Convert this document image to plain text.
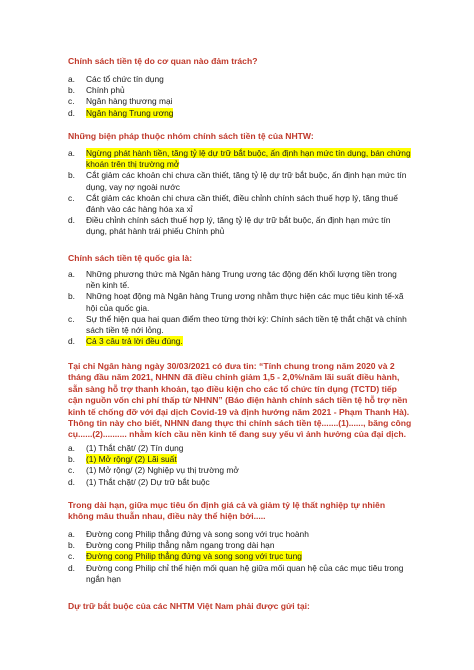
Chính sách tiền tệ do cơ quan nào đảm trách?
a.	Các tổ chức tín dụng
b.	Chính phủ
c.	Ngân hàng thương mại
d.	Ngân hàng Trung ương
Những biện pháp thuộc nhóm chính sách tiền tệ của NHTW:
a.	Ngừng phát hành tiền, tăng tỷ lệ dự trữ bắt buộc, ấn định hạn mức tín dụng, bán chứng khoán trên thị trường mở
b.	Cắt giảm các khoản chi chưa cần thiết, tăng tỷ lệ dự trữ bắt buộc, ấn định hạn mức tín dụng, vay nợ ngoài nước
c.	Cắt giảm các khoản chi chưa cần thiết, điều chỉnh chính sách thuế hợp lý, tăng thuế đánh vào các hàng hóa xa xỉ
d.	Điều chỉnh chính sách thuế hợp lý, tăng tỷ lệ dự trữ bắt buộc, ấn định hạn mức tín dụng, phát hành trái phiếu Chính phủ
Chính sách tiền tệ quốc gia là:
a.	Những phương thức mà Ngân hàng Trung ương tác động đến khối lượng tiền trong nền kinh tế.
b.	Những hoạt động mà Ngân hàng Trung ương nhằm thực hiện các mục tiêu kinh tế-xã hội của quốc gia.
c.	Sự thể hiện qua hai quan điểm theo từng thời kỳ: Chính sách tiền tệ thắt chặt và chính sách tiền tệ nới lỏng.
d.	Cả 3 câu trả lời đều đúng.
Tại chỉ Ngân hàng ngày 30/03/2021 có đưa tin: “Tính chung trong năm 2020 và 2 tháng đầu năm 2021, NHNN đã điều chỉnh giảm 1,5 - 2,0%/năm lãi suất điều hành, sẵn sàng hỗ trợ thanh khoản, tạo điều kiện cho các tổ chức tín dụng (TCTD) tiếp cận nguồn vốn chi phí thấp từ NHNN” (Báo điện hành chính sách tiền tệ hỗ trợ nền kinh tế chống đỡ với đại dịch Covid-19 và định hướng năm 2021 - Phạm Thanh Hà). Thông tin này cho biết, NHNN đang thực thi chính sách tiền tệ.......(1)......, băng công cụ......(2).......... nhằm kích cầu nền kinh tế đang suy yếu vì ảnh hưởng của đại dịch.
a.	(1) Thắt chặt/ (2) Tín dụng
b.	(1) Mở rộng/ (2) Lãi suất
c.	(1) Mở rộng/ (2) Nghiệp vụ thị trường mở
d.	(1) Thắt chặt/ (2) Dự trữ bắt buộc
Trong dài hạn, giữa mục tiêu ổn định giá cả và giảm tỷ lệ thất nghiệp tự nhiên không mâu thuẫn nhau, điều này thể hiện bởi.....
a.	Đường cong Philip thẳng đứng và song song với trục hoành
b.	Đường cong Philip thẳng nằm ngang trong dài hạn
c.	Đường cong Philip thẳng đứng và song song với trục tung
d.	Đường cong Philip chỉ thể hiện mối quan hệ giữa mối quan hệ của các mục tiêu trong ngắn hạn
Dự trữ bắt buộc của các NHTM Việt Nam phải được gửi tại:
